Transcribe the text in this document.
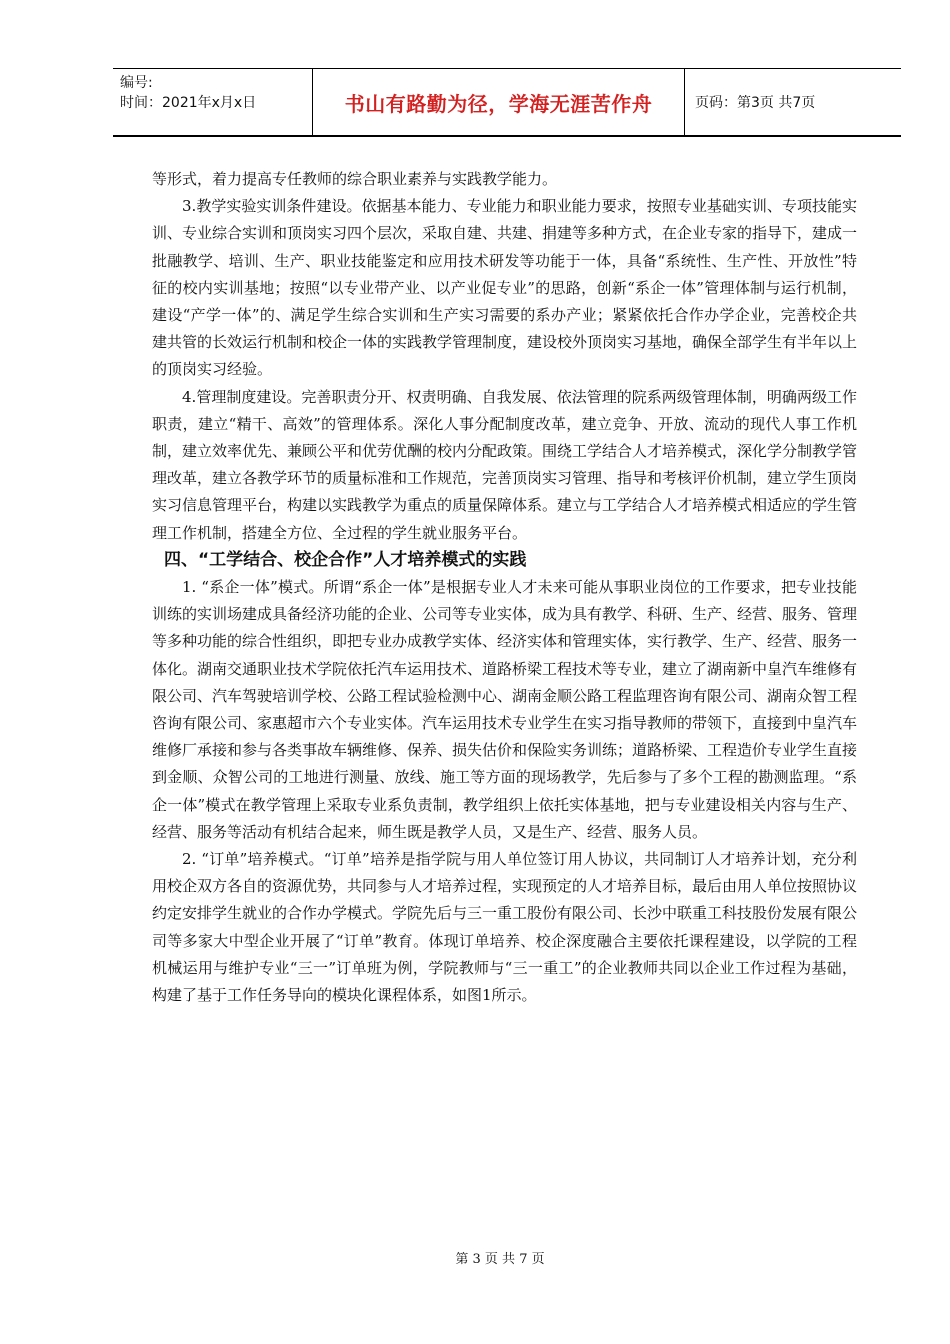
编号:
时间：2021年x月x日	书山有路勤为径，学海无涯苦作舟	页码：第3页 共7页

等形式，着力提高专任教师的综合职业素养与实践教学能力。

3.教学实验实训条件建设。依据基本能力、专业能力和职业能力要求，按照专业基础实训、专项技能实训、专业综合实训和顶岗实习四个层次，采取自建、共建、捐建等多种方式，在企业专家的指导下，建成一批融教学、培训、生产、职业技能鉴定和应用技术研发等功能于一体，具备“系统性、生产性、开放性”特征的校内实训基地；按照“以专业带产业、以产业促专业”的思路，创新“系企一体”管理体制与运行机制，建设“产学一体”的、满足学生综合实训和生产实习需要的系办产业；紧紧依托合作办学企业，完善校企共建共管的长效运行机制和校企一体的实践教学管理制度，建设校外顶岗实习基地，确保全部学生有半年以上的顶岗实习经验。

4.管理制度建设。完善职责分开、权责明确、自我发展、依法管理的院系两级管理体制，明确两级工作职责，建立“精干、高效”的管理体系。深化人事分配制度改革，建立竞争、开放、流动的现代人事工作机制，建立效率优先、兼顾公平和优劳优酬的校内分配政策。围绕工学结合人才培养模式，深化学分制教学管理改革，建立各教学环节的质量标准和工作规范，完善顶岗实习管理、指导和考核评价机制，建立学生顶岗实习信息管理平台，构建以实践教学为重点的质量保障体系。建立与工学结合人才培养模式相适应的学生管理工作机制，搭建全方位、全过程的学生就业服务平台。

四、“工学结合、校企合作”人才培养模式的实践

1. “系企一体”模式。所谓“系企一体”是根据专业人才未来可能从事职业岗位的工作要求，把专业技能训练的实训场建成具备经济功能的企业、公司等专业实体，成为具有教学、科研、生产、经营、服务、管理等多种功能的综合性组织，即把专业办成教学实体、经济实体和管理实体，实行教学、生产、经营、服务一体化。湖南交通职业技术学院依托汽车运用技术、道路桥梁工程技术等专业，建立了湖南新中皇汽车维修有限公司、汽车驾驶培训学校、公路工程试验检测中心、湖南金顺公路工程监理咨询有限公司、湖南众智工程咨询有限公司、家惠超市六个专业实体。汽车运用技术专业学生在实习指导教师的带领下，直接到中皇汽车维修厂承接和参与各类事故车辆维修、保养、损失估价和保险实务训练；道路桥梁、工程造价专业学生直接到金顺、众智公司的工地进行测量、放线、施工等方面的现场教学，先后参与了多个工程的勘测监理。“系企一体”模式在教学管理上采取专业系负责制，教学组织上依托实体基地，把与专业建设相关内容与生产、经营、服务等活动有机结合起来，师生既是教学人员，又是生产、经营、服务人员。

2. “订单”培养模式。“订单”培养是指学院与用人单位签订用人协议，共同制订人才培养计划，充分利用校企双方各自的资源优势，共同参与人才培养过程，实现预定的人才培养目标，最后由用人单位按照协议约定安排学生就业的合作办学模式。学院先后与三一重工股份有限公司、长沙中联重工科技股份发展有限公司等多家大中型企业开展了“订单”教育。体现订单培养、校企深度融合主要依托课程建设，以学院的工程机械运用与维护专业“三一”订单班为例，学院教师与“三一重工”的企业教师共同以企业工作过程为基础，构建了基于工作任务导向的模块化课程体系，如图1所示。

第 3 页 共 7 页
